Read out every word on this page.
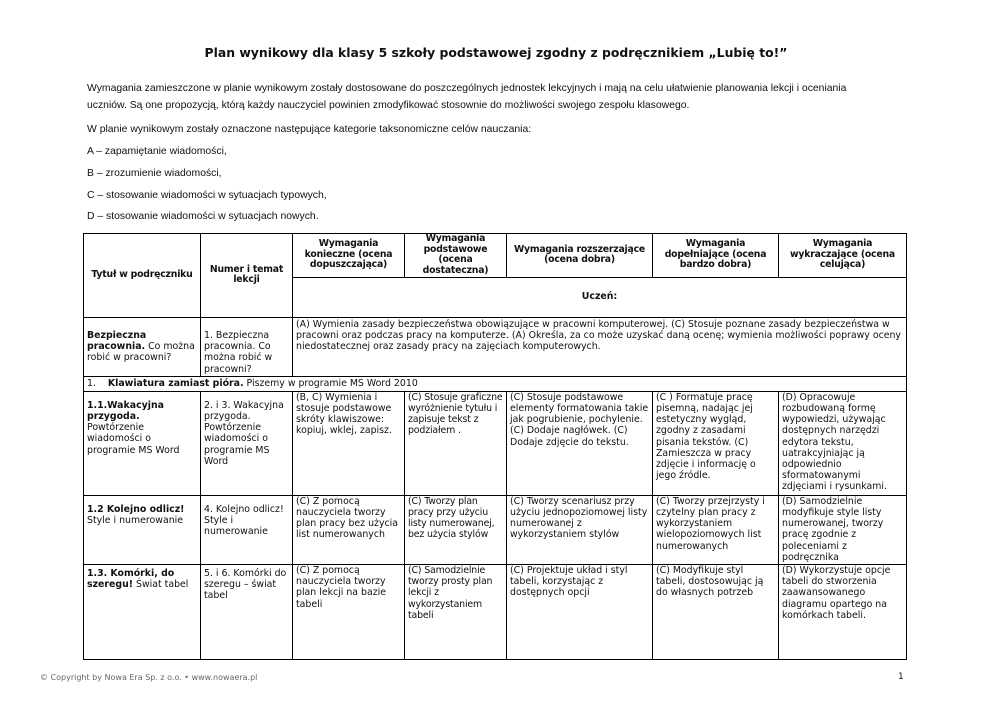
Plan wynikowy dla klasy 5 szkoły podstawowej zgodny z podręcznikiem „Lubię to!”
Wymagania zamieszczone w planie wynikowym zostały dostosowane do poszczególnych jednostek lekcyjnych i mają na celu ułatwienie planowania lekcji i oceniania
uczniów. Są one propozycją, którą każdy nauczyciel powinien zmodyfikować stosownie do możliwości swojego zespołu klasowego.
W planie wynikowym zostały oznaczone następujące kategorie taksonomiczne celów nauczania:
A – zapamiętanie wiadomości,
B – zrozumienie wiadomości,
C – stosowanie wiadomości w sytuacjach typowych,
D – stosowanie wiadomości w sytuacjach nowych.
Tytuł w podręczniku	Numer i temat lekcji	Wymagania konieczne (ocena dopuszczająca)	Wymagania podstawowe (ocena dostateczna)	Wymagania rozszerzające (ocena dobra)	Wymagania dopełniające (ocena bardzo dobra)	Wymagania wykraczające (ocena celująca)
		Uczeń:				
Bezpieczna pracownia. Co można robić w pracowni?	1. Bezpieczna pracownia. Co można robić w pracowni?	(A) Wymienia zasady bezpieczeństwa obowiązujące w pracowni komputerowej. (C) Stosuje poznane zasady bezpieczeństwa w pracowni oraz podczas pracy na komputerze. (A) Określa, za co może uzyskać daną ocenę; wymienia możliwości poprawy oceny niedostatecznej oraz zasady pracy na zajęciach komputerowych.				
1. Klawiatura zamiast pióra. Piszemy w programie MS Word 2010						
1.1.Wakacyjna przygoda. Powtórzenie wiadomości o programie MS Word	2. i 3. Wakacyjna przygoda. Powtórzenie wiadomości o programie MS Word	(B, C) Wymienia i stosuje podstawowe skróty klawiszowe: kopiuj, wklej, zapisz.	(C) Stosuje graficzne wyróżnienie tytułu i zapisuje tekst z podziałem .	(C) Stosuje podstawowe elementy formatowania takie jak pogrubienie, pochylenie. (C) Dodaje nagłówek. (C) Dodaje zdjęcie do tekstu.	(C ) Formatuje pracę pisemną, nadając jej estetyczny wygląd, zgodny z zasadami pisania tekstów. (C) Zamieszcza w pracy zdjęcie i informację o jego źródle.	(D) Opracowuje rozbudowaną formę wypowiedzi, używając dostępnych narzędzi edytora tekstu, uatrakcyjniając ją odpowiednio sformatowanymi zdjęciami i rysunkami.
1.2 Kolejno odlicz! Style i numerowanie	4. Kolejno odlicz! Style i numerowanie	(C) Z pomocą nauczyciela tworzy plan pracy bez użycia list numerowanych	(C) Tworzy plan pracy przy użyciu listy numerowanej, bez użycia stylów	(C) Tworzy scenariusz przy użyciu jednopoziomowej listy numerowanej z wykorzystaniem stylów	(C) Tworzy przejrzysty i czytelny plan pracy z wykorzystaniem wielopoziomowych list numerowanych	(D) Samodzielnie modyfikuje style listy numerowanej, tworzy pracę zgodnie z poleceniami z podręcznika
1.3. Komórki, do szeregu! Świat tabel	5. i 6. Komórki do szeregu – świat tabel	(C) Z pomocą nauczyciela tworzy plan lekcji na bazie tabeli	(C) Samodzielnie tworzy prosty plan lekcji z wykorzystaniem tabeli	(C) Projektuje układ i styl tabeli, korzystając z dostępnych opcji	(C) Modyfikuje styl tabeli, dostosowując ją do własnych potrzeb	(D) Wykorzystuje opcje tabeli do stworzenia zaawansowanego diagramu opartego na komórkach tabeli.
© Copyright by Nowa Era Sp. z o.o. • www.nowaera.pl	1
